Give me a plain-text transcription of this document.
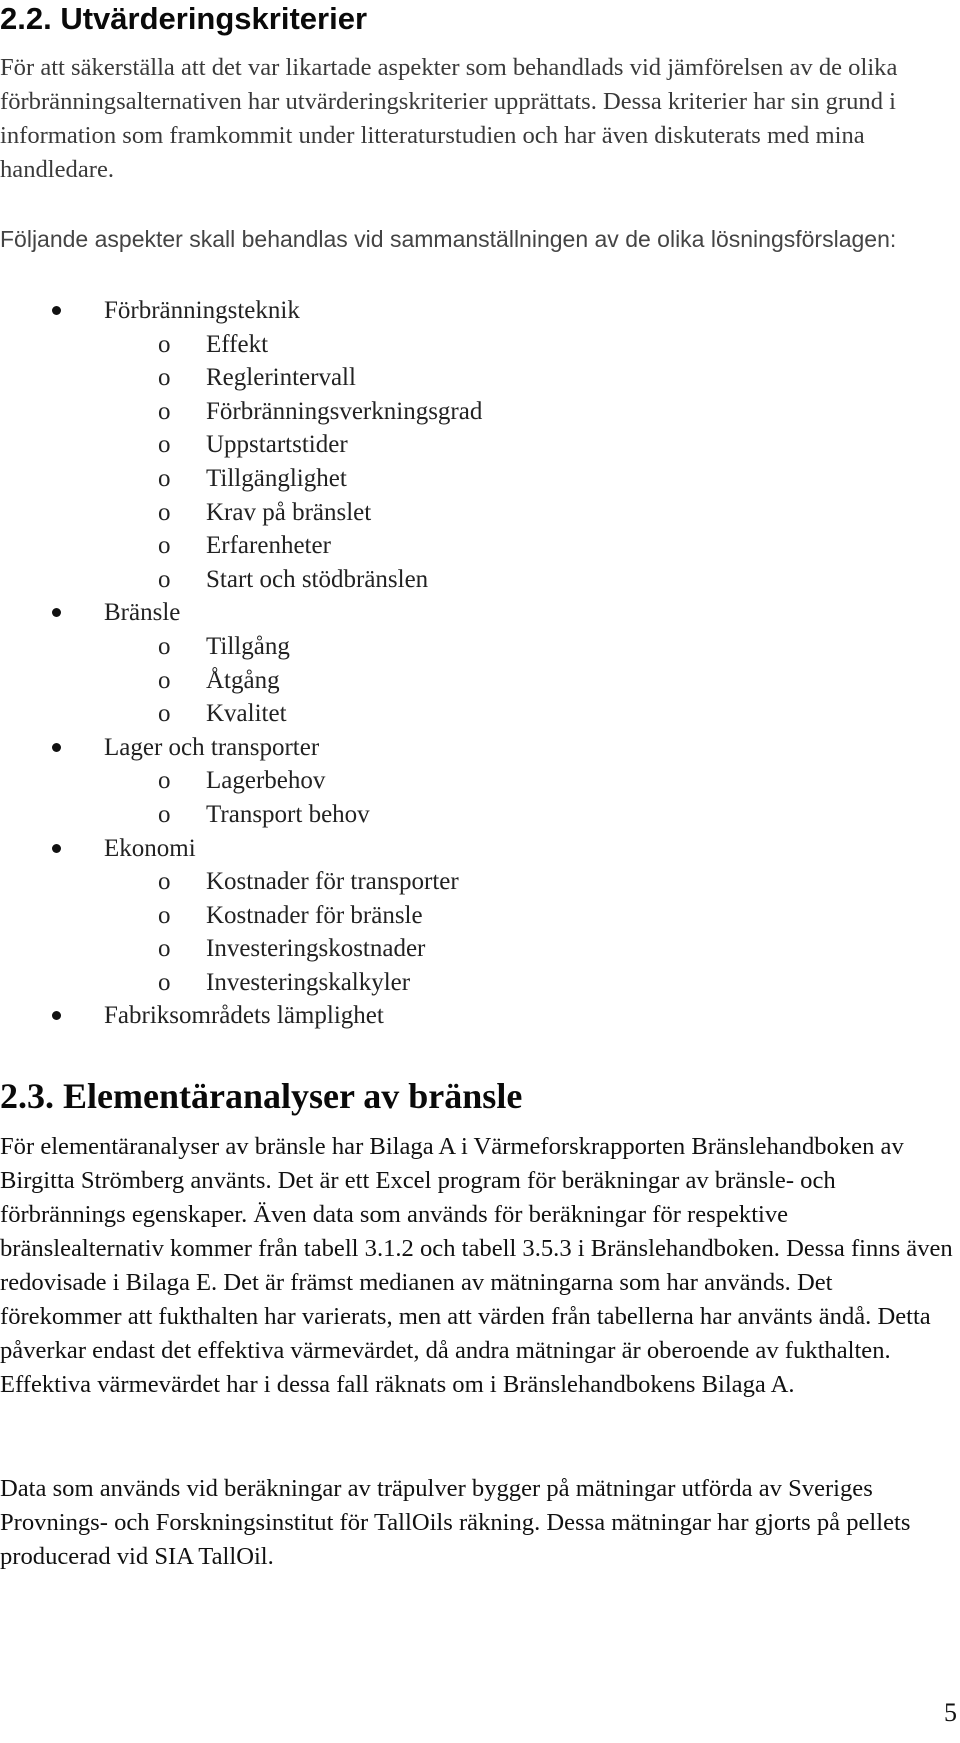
2.2. Utvärderingskriterier

För att säkerställa att det var likartade aspekter som behandlads vid jämförelsen av de olika förbränningsalternativen har utvärderingskriterier upprättats. Dessa kriterier har sin grund i information som framkommit under litteraturstudien och har även diskuterats med mina handledare.

Följande aspekter skall behandlas vid sammanställningen av de olika lösningsförslagen:

Förbränningsteknik
o Effekt
o Reglerintervall
o Förbränningsverkningsgrad
o Uppstartstider
o Tillgänglighet
o Krav på bränslet
o Erfarenheter
o Start och stödbränslen
Bränsle
o Tillgång
o Åtgång
o Kvalitet
Lager och transporter
o Lagerbehov
o Transport behov
Ekonomi
o Kostnader för transporter
o Kostnader för bränsle
o Investeringskostnader
o Investeringskalkyler
Fabriksområdets lämplighet
2.3. Elementäranalyser av bränsle

För elementäranalyser av bränsle har Bilaga A i Värmeforskrapporten Bränslehandboken av Birgitta Strömberg använts. Det är ett Excel program för beräkningar av bränsle- och förbrännings egenskaper. Även data som används för beräkningar för respektive bränslealternativ kommer från tabell 3.1.2 och tabell 3.5.3 i Bränslehandboken. Dessa finns även redovisade i Bilaga E. Det är främst medianen av mätningarna som har används. Det förekommer att fukthalten har varierats, men att värden från tabellerna har använts ändå. Detta påverkar endast det effektiva värmevärdet, då andra mätningar är oberoende av fukthalten. Effektiva värmevärdet har i dessa fall räknats om i Bränslehandbokens Bilaga A.

Data som används vid beräkningar av träpulver bygger på mätningar utförda av Sveriges Provnings- och Forskningsinstitut för TallOils räkning. Dessa mätningar har gjorts på pellets producerad vid SIA TallOil.

5
